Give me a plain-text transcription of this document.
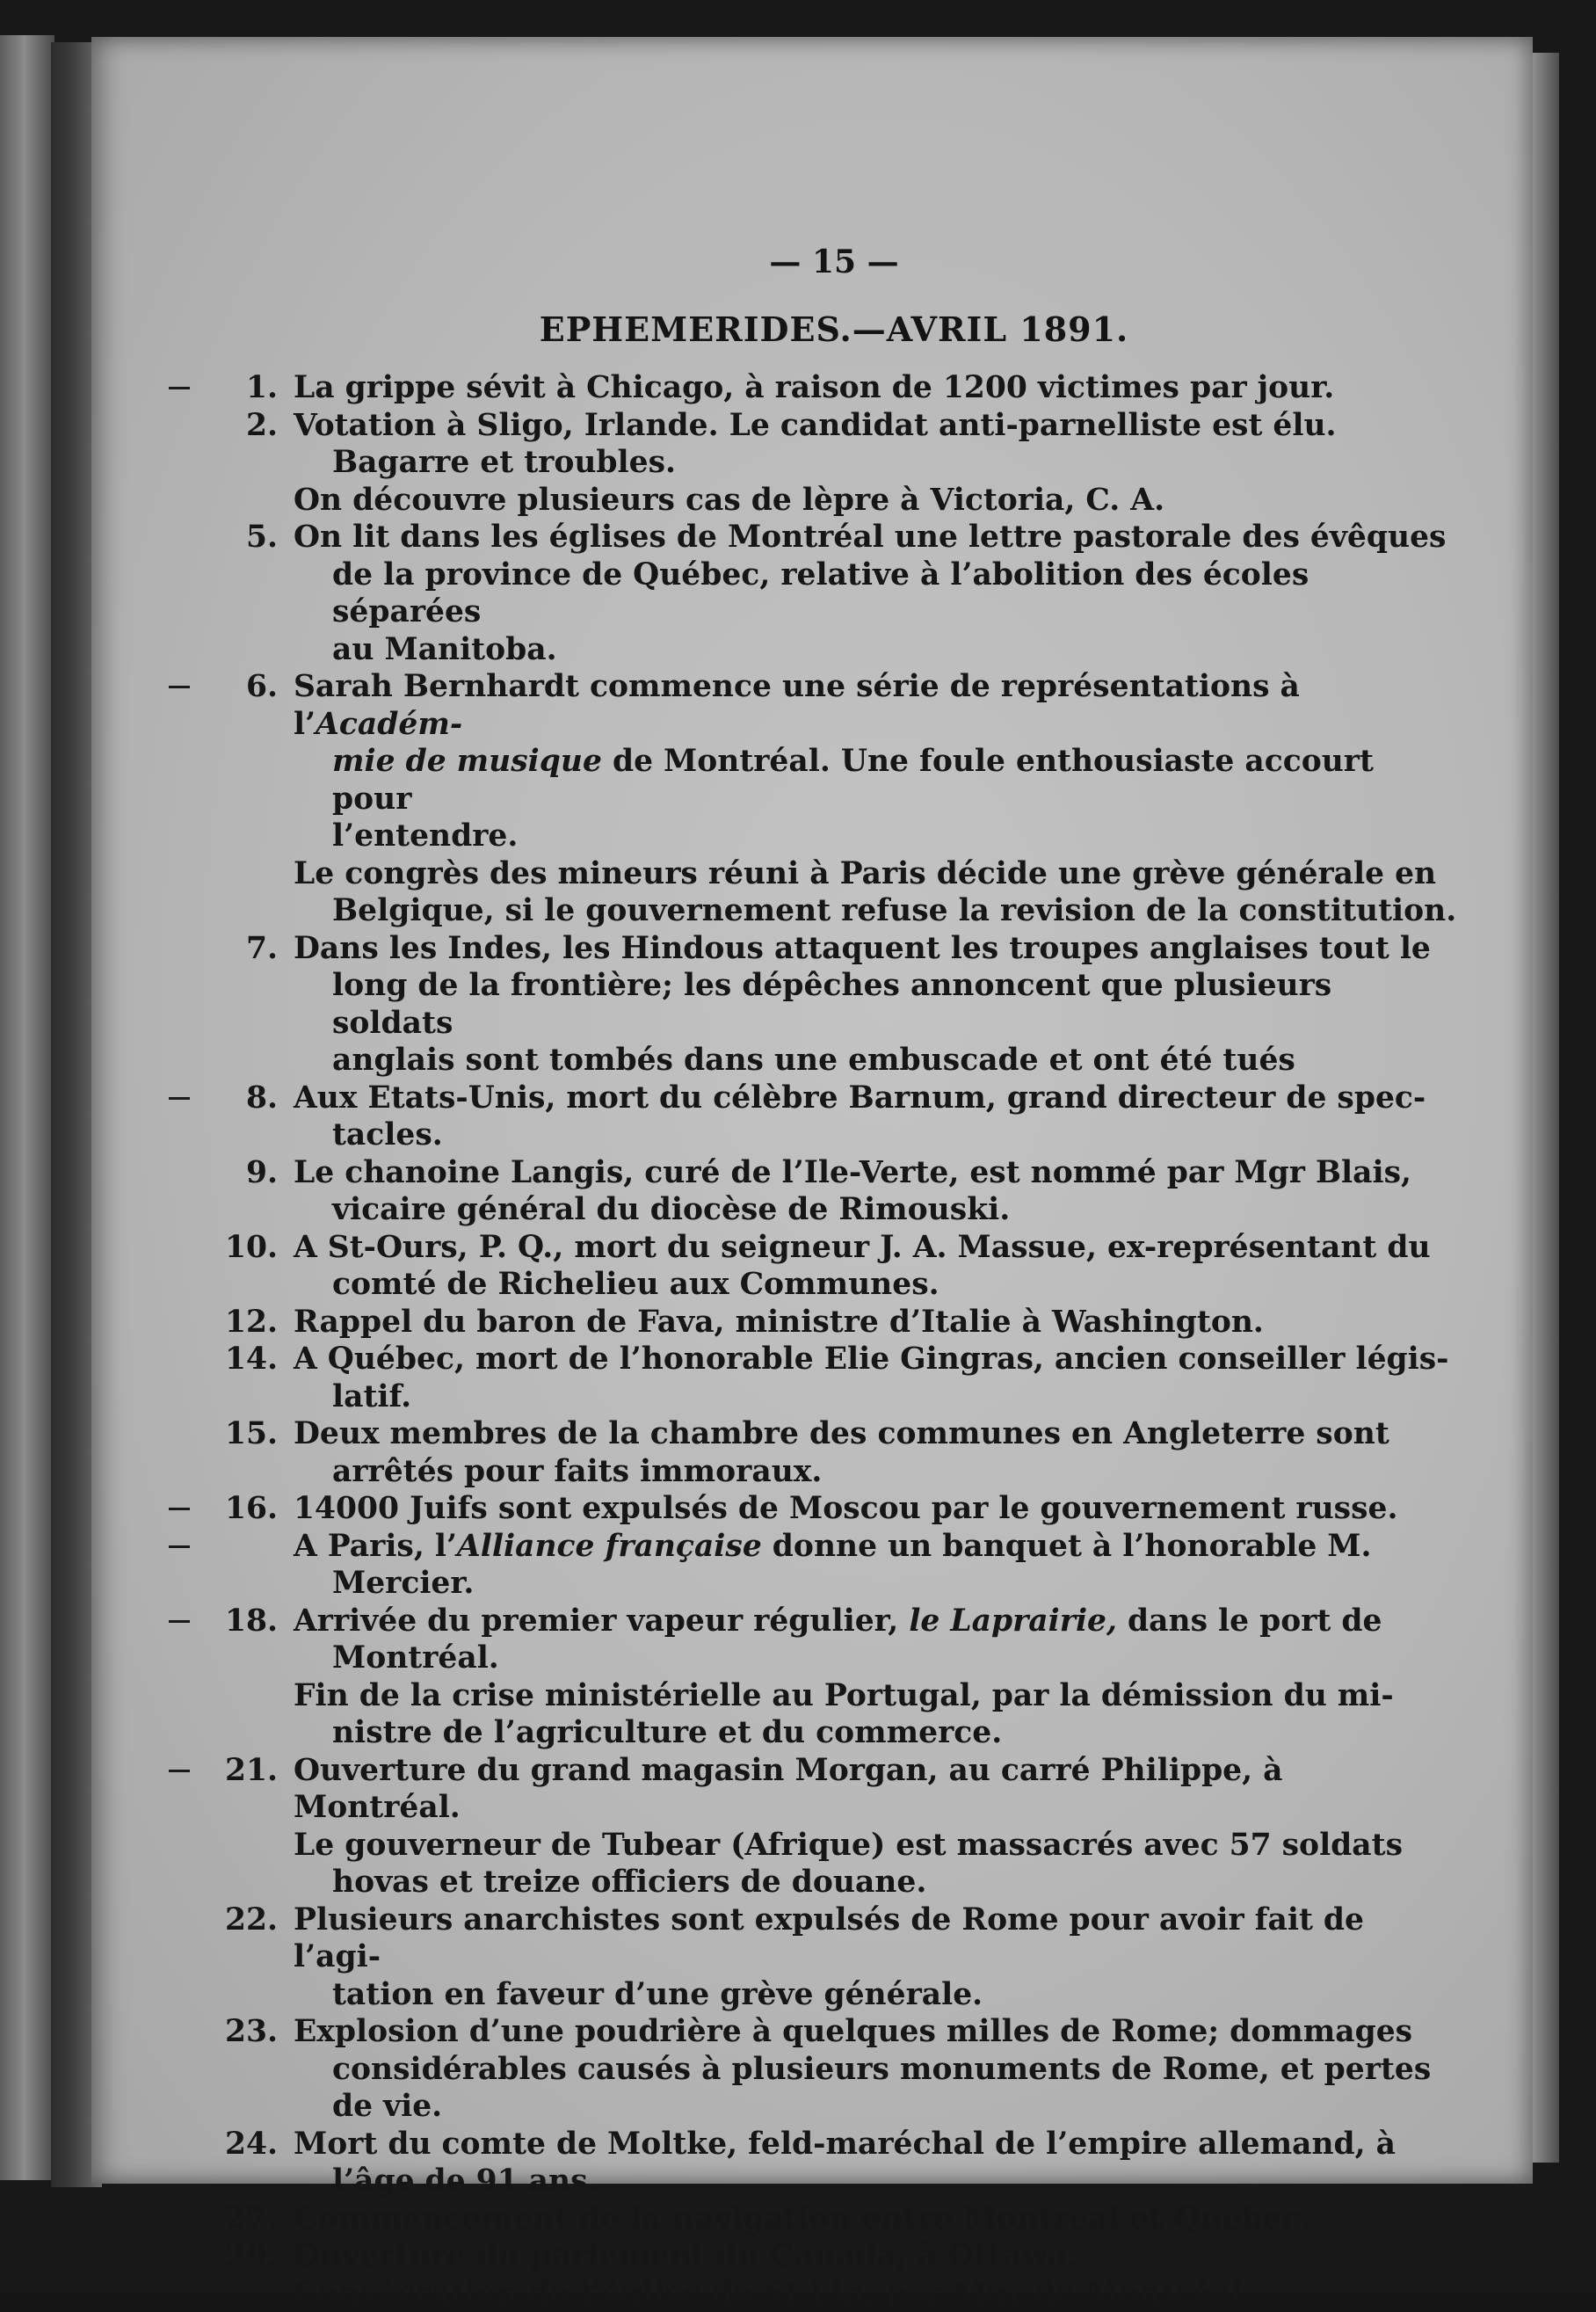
— 15 —
EPHEMERIDES.—AVRIL 1891.
1. La grippe sévit à Chicago, à raison de 1200 victimes par jour.
2. Votation à Sligo, Irlande. Le candidat anti-parnelliste est élu.
Bagarre et troubles.
On découvre plusieurs cas de lèpre à Victoria, C. A.
5. On lit dans les églises de Montréal une lettre pastorale des évêques
de la province de Québec, relative à l’abolition des écoles séparées
au Manitoba.
6. Sarah Bernhardt commence une série de représentations à l’Académ-
mie de musique de Montréal. Une foule enthousiaste accourt pour
l’entendre.
Le congrès des mineurs réuni à Paris décide une grève générale en
Belgique, si le gouvernement refuse la revision de la constitution.
7. Dans les Indes, les Hindous attaquent les troupes anglaises tout le
long de la frontière; les dépêches annoncent que plusieurs soldats
anglais sont tombés dans une embuscade et ont été tués
8. Aux Etats-Unis, mort du célèbre Barnum, grand directeur de spec-
tacles.
9. Le chanoine Langis, curé de l’Ile-Verte, est nommé par Mgr Blais,
vicaire général du diocèse de Rimouski.
10. A St-Ours, P. Q., mort du seigneur J. A. Massue, ex-représentant du
comté de Richelieu aux Communes.
12. Rappel du baron de Fava, ministre d’Italie à Washington.
14. A Québec, mort de l’honorable Elie Gingras, ancien conseiller légis-
latif.
15. Deux membres de la chambre des communes en Angleterre sont
arrêtés pour faits immoraux.
16. 14000 Juifs sont expulsés de Moscou par le gouvernement russe.
A Paris, l’Alliance française donne un banquet à l’honorable M.
Mercier.
18. Arrivée du premier vapeur régulier, le Laprairie, dans le port de
Montréal.
Fin de la crise ministérielle au Portugal, par la démission du mi-
nistre de l’agriculture et du commerce.
21. Ouverture du grand magasin Morgan, au carré Philippe, à Montréal.
Le gouverneur de Tubear (Afrique) est massacrés avec 57 soldats
hovas et treize officiers de douane.
22. Plusieurs anarchistes sont expulsés de Rome pour avoir fait de l’agi-
tation en faveur d’une grève générale.
23. Explosion d’une poudrière à quelques milles de Rome; dommages
considérables causés à plusieurs monuments de Rome, et pertes
de vie.
24. Mort du comte de Moltke, feld-maréchal de l’empire allemand, à
l’âge de 91 ans.
27. Commencement de la navigation entre Montréal et Québec.
29. Ouverture du parlement du Canada, à Ottawa.
Consécration de l’église de St Lin, par Mgr de Montréal.
